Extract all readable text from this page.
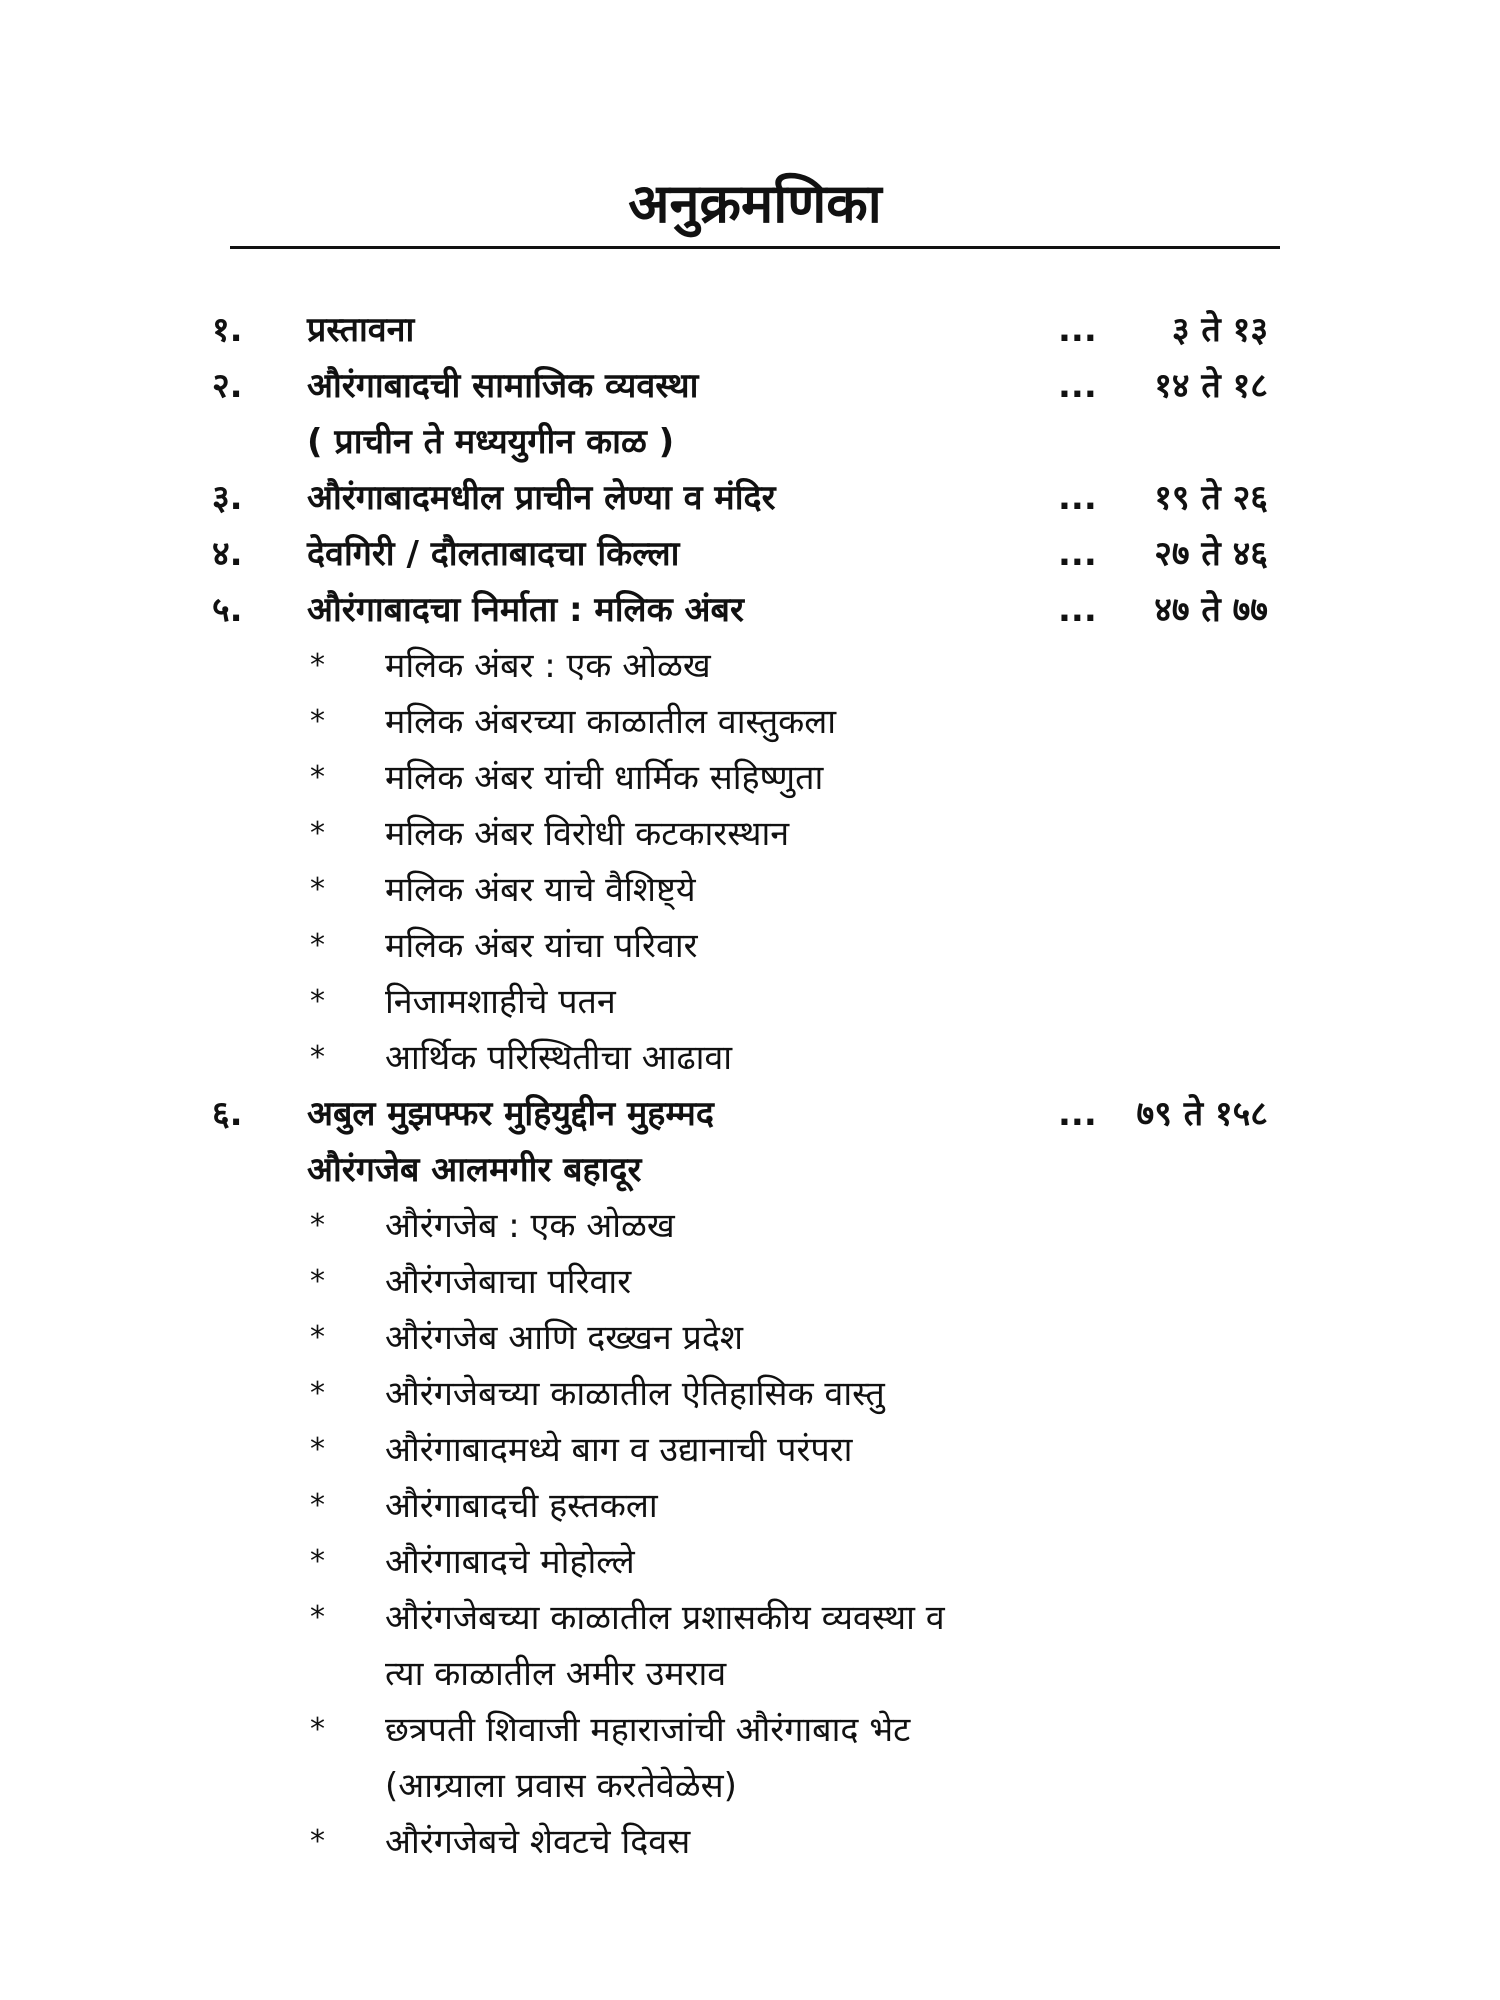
अनुक्रमणिका
१.	प्रस्तावना	... ३ ते १३
२.	औरंगाबादची सामाजिक व्यवस्था	... १४ ते १८
( प्राचीन ते मध्ययुगीन काळ )
३.	औरंगाबादमधील प्राचीन लेण्या व मंदिर	... १९ ते २६
४.	देवगिरी / दौलताबादचा किल्ला	... २७ ते ४६
५.	औरंगाबादचा निर्माता : मलिक अंबर	... ४७ ते ७७
* मलिक अंबर : एक ओळख
* मलिक अंबरच्या काळातील वास्तुकला
* मलिक अंबर यांची धार्मिक सहिष्णुता
* मलिक अंबर विरोधी कटकारस्थान
* मलिक अंबर याचे वैशिष्ट्ये
* मलिक अंबर यांचा परिवार
* निजामशाहीचे पतन
* आर्थिक परिस्थितीचा आढावा
६.	अबुल मुझफ्फर मुहियुद्दीन मुहम्मद	... ७९ ते १५८
औरंगजेब आलमगीर बहादूर
* औरंगजेब : एक ओळख
* औरंगजेबाचा परिवार
* औरंगजेब आणि दख्खन प्रदेश
* औरंगजेबच्या काळातील ऐतिहासिक वास्तु
* औरंगाबादमध्ये बाग व उद्यानाची परंपरा
* औरंगाबादची हस्तकला
* औरंगाबादचे मोहोल्ले
* औरंगजेबच्या काळातील प्रशासकीय व्यवस्था व
त्या काळातील अमीर उमराव
* छत्रपती शिवाजी महाराजांची औरंगाबाद भेट
(आग्र्याला प्रवास करतेवेळेस)
* औरंगजेबचे शेवटचे दिवस
